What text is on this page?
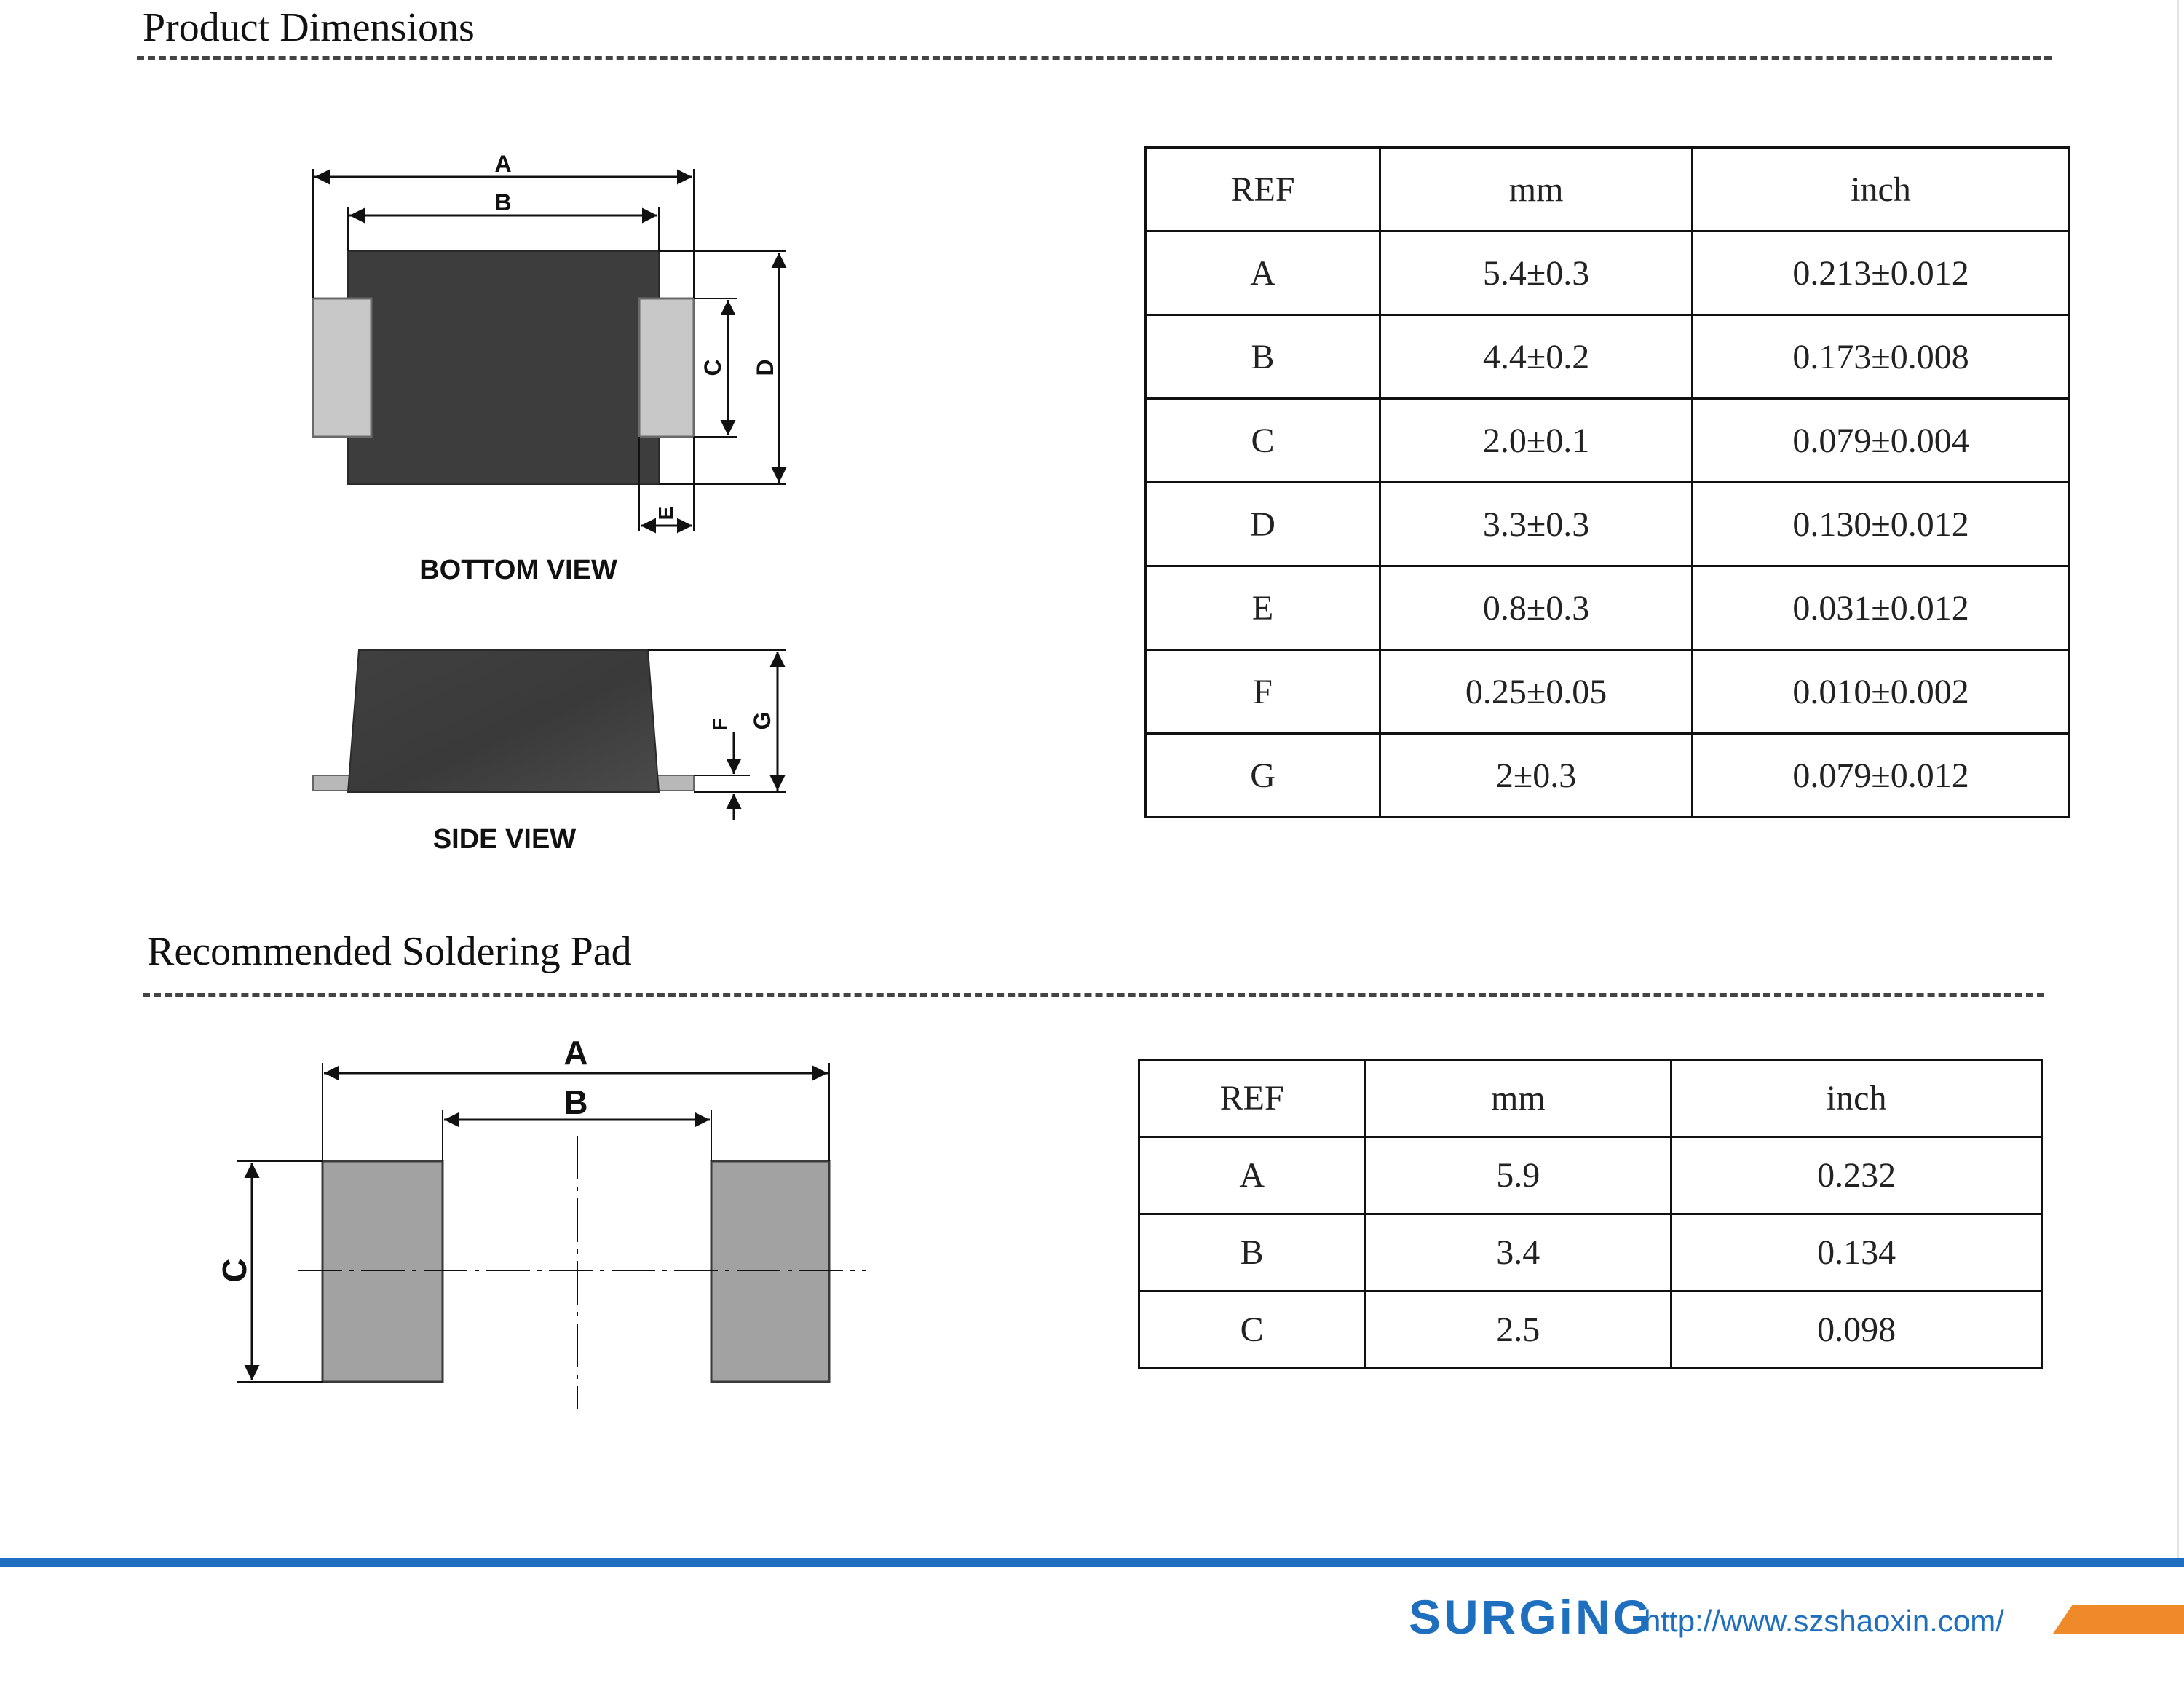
Product Dimensions
A
B
C D
E
BOTTOM VIEW
G
F
SIDE VIEW
REF	mm	inch
A	5.4±0.3	0.213±0.012
B	4.4±0.2	0.173±0.008
C	2.0±0.1	0.079±0.004
D	3.3±0.3	0.130±0.012
E	0.8±0.3	0.031±0.012
F	0.25±0.05	0.010±0.002
G	2±0.3	0.079±0.012
Recommended Soldering Pad
A
B
C
REF	mm	inch
A	5.9	0.232
B	3.4	0.134
C	2.5	0.098
SURGiNG
http://www.szshaoxin.com/
